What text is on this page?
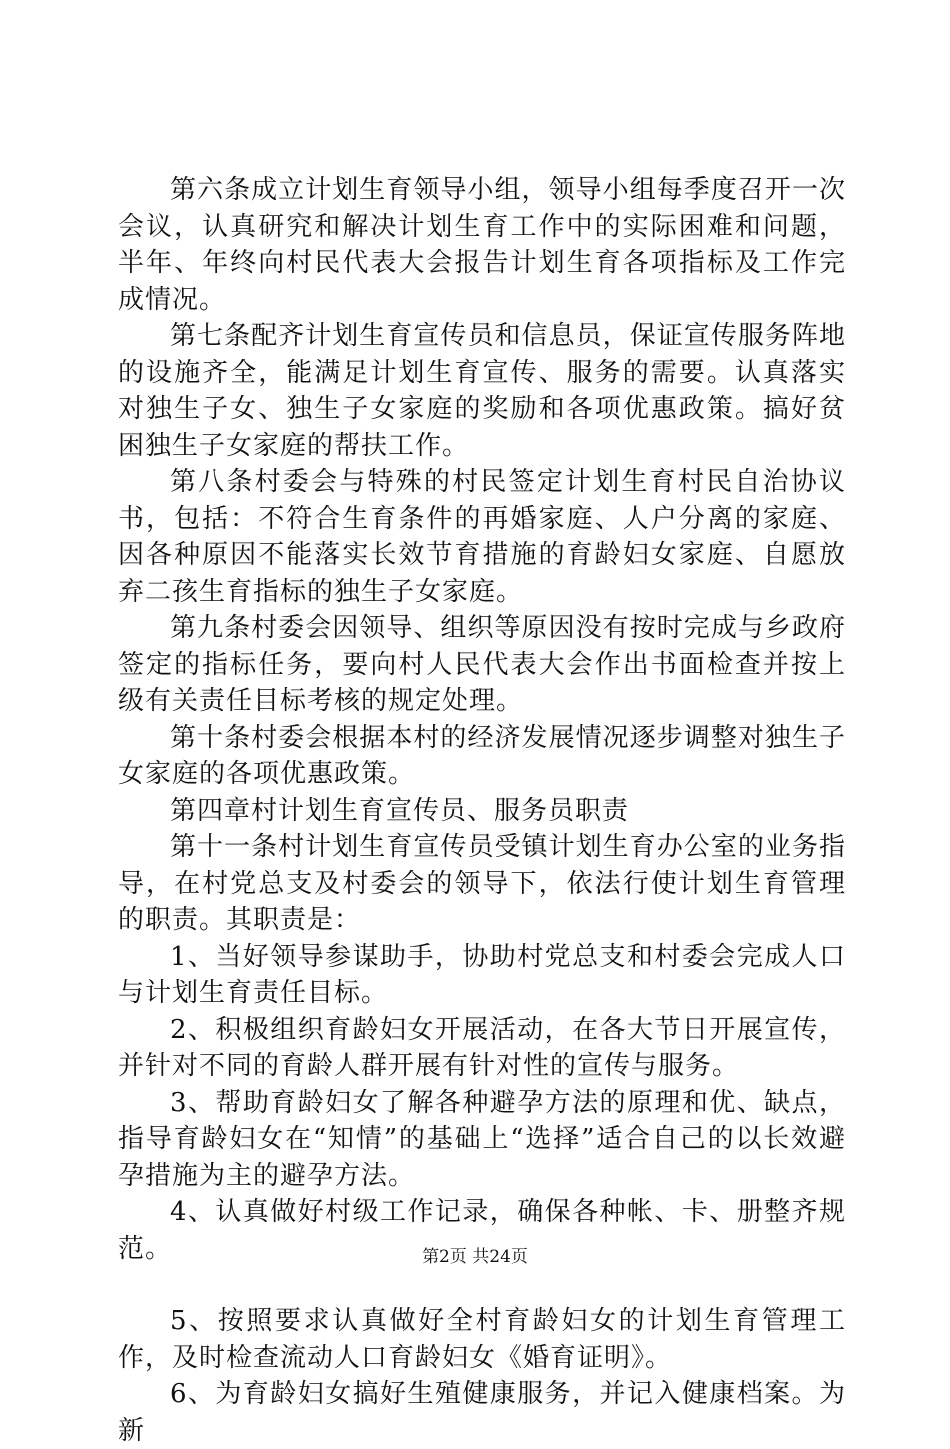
第六条成立计划生育领导小组，领导小组每季度召开一次会议，认真研究和解决计划生育工作中的实际困难和问题，半年、年终向村民代表大会报告计划生育各项指标及工作完成情况。

第七条配齐计划生育宣传员和信息员，保证宣传服务阵地的设施齐全，能满足计划生育宣传、服务的需要。认真落实对独生子女、独生子女家庭的奖励和各项优惠政策。搞好贫困独生子女家庭的帮扶工作。

第八条村委会与特殊的村民签定计划生育村民自治协议书，包括：不符合生育条件的再婚家庭、人户分离的家庭、因各种原因不能落实长效节育措施的育龄妇女家庭、自愿放弃二孩生育指标的独生子女家庭。

第九条村委会因领导、组织等原因没有按时完成与乡政府签定的指标任务，要向村人民代表大会作出书面检查并按上级有关责任目标考核的规定处理。

第十条村委会根据本村的经济发展情况逐步调整对独生子女家庭的各项优惠政策。

第四章村计划生育宣传员、服务员职责

第十一条村计划生育宣传员受镇计划生育办公室的业务指导，在村党总支及村委会的领导下，依法行使计划生育管理的职责。其职责是：

1、当好领导参谋助手，协助村党总支和村委会完成人口与计划生育责任目标。

2、积极组织育龄妇女开展活动，在各大节日开展宣传，并针对不同的育龄人群开展有针对性的宣传与服务。

3、帮助育龄妇女了解各种避孕方法的原理和优、缺点，指导育龄妇女在“知情”的基础上“选择”适合自己的以长效避孕措施为主的避孕方法。

4、认真做好村级工作记录，确保各种帐、卡、册整齐规范。

5、按照要求认真做好全村育龄妇女的计划生育管理工作，及时检查流动人口育龄妇女《婚育证明》。

6、为育龄妇女搞好生殖健康服务，并记入健康档案。为新

第2页 共24页
